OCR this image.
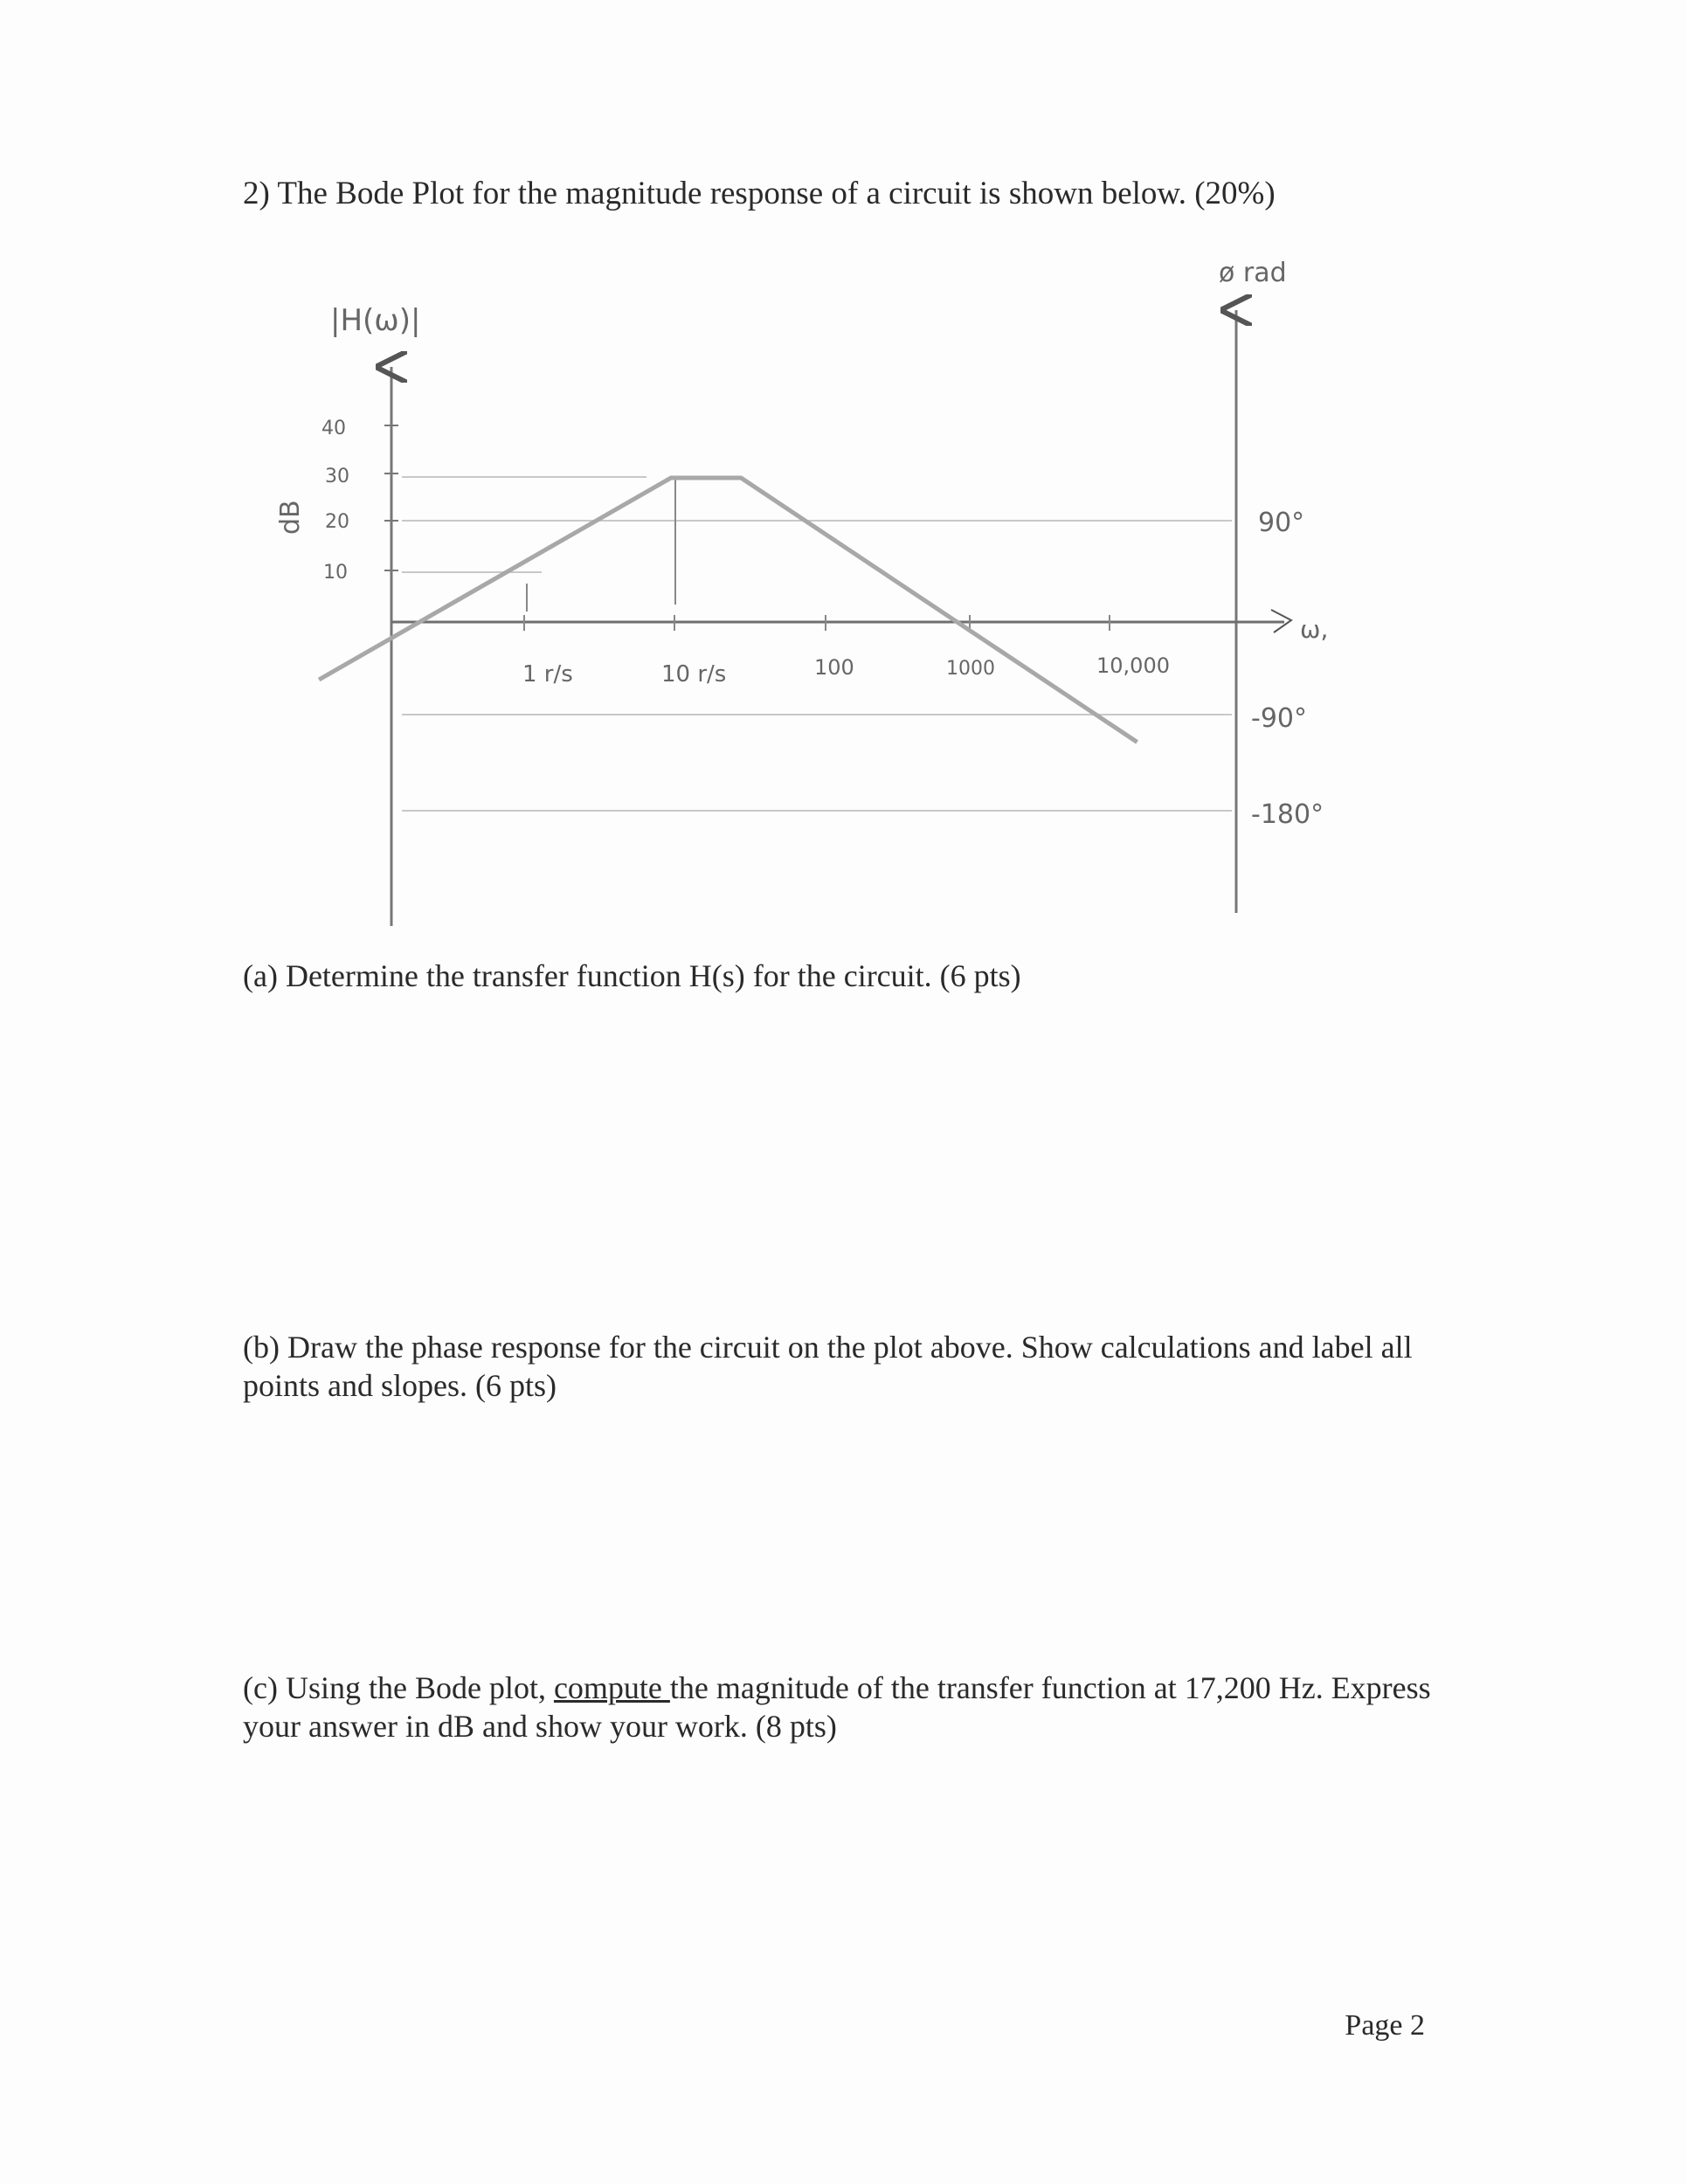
2) The Bode Plot for the magnitude response of a circuit is shown below. (20%)
|H(ω)|
ø rad
dB
40
30
20
10
1 r/s	10 r/s	100	1000	10,000
ω,
90°
-90°
-180°
(a) Determine the transfer function H(s) for the circuit. (6 pts)
(b) Draw the phase response for the circuit on the plot above. Show calculations and label all points and slopes. (6 pts)
(c) Using the Bode plot, compute the magnitude of the transfer function at 17,200 Hz. Express your answer in dB and show your work. (8 pts)
Page 2
